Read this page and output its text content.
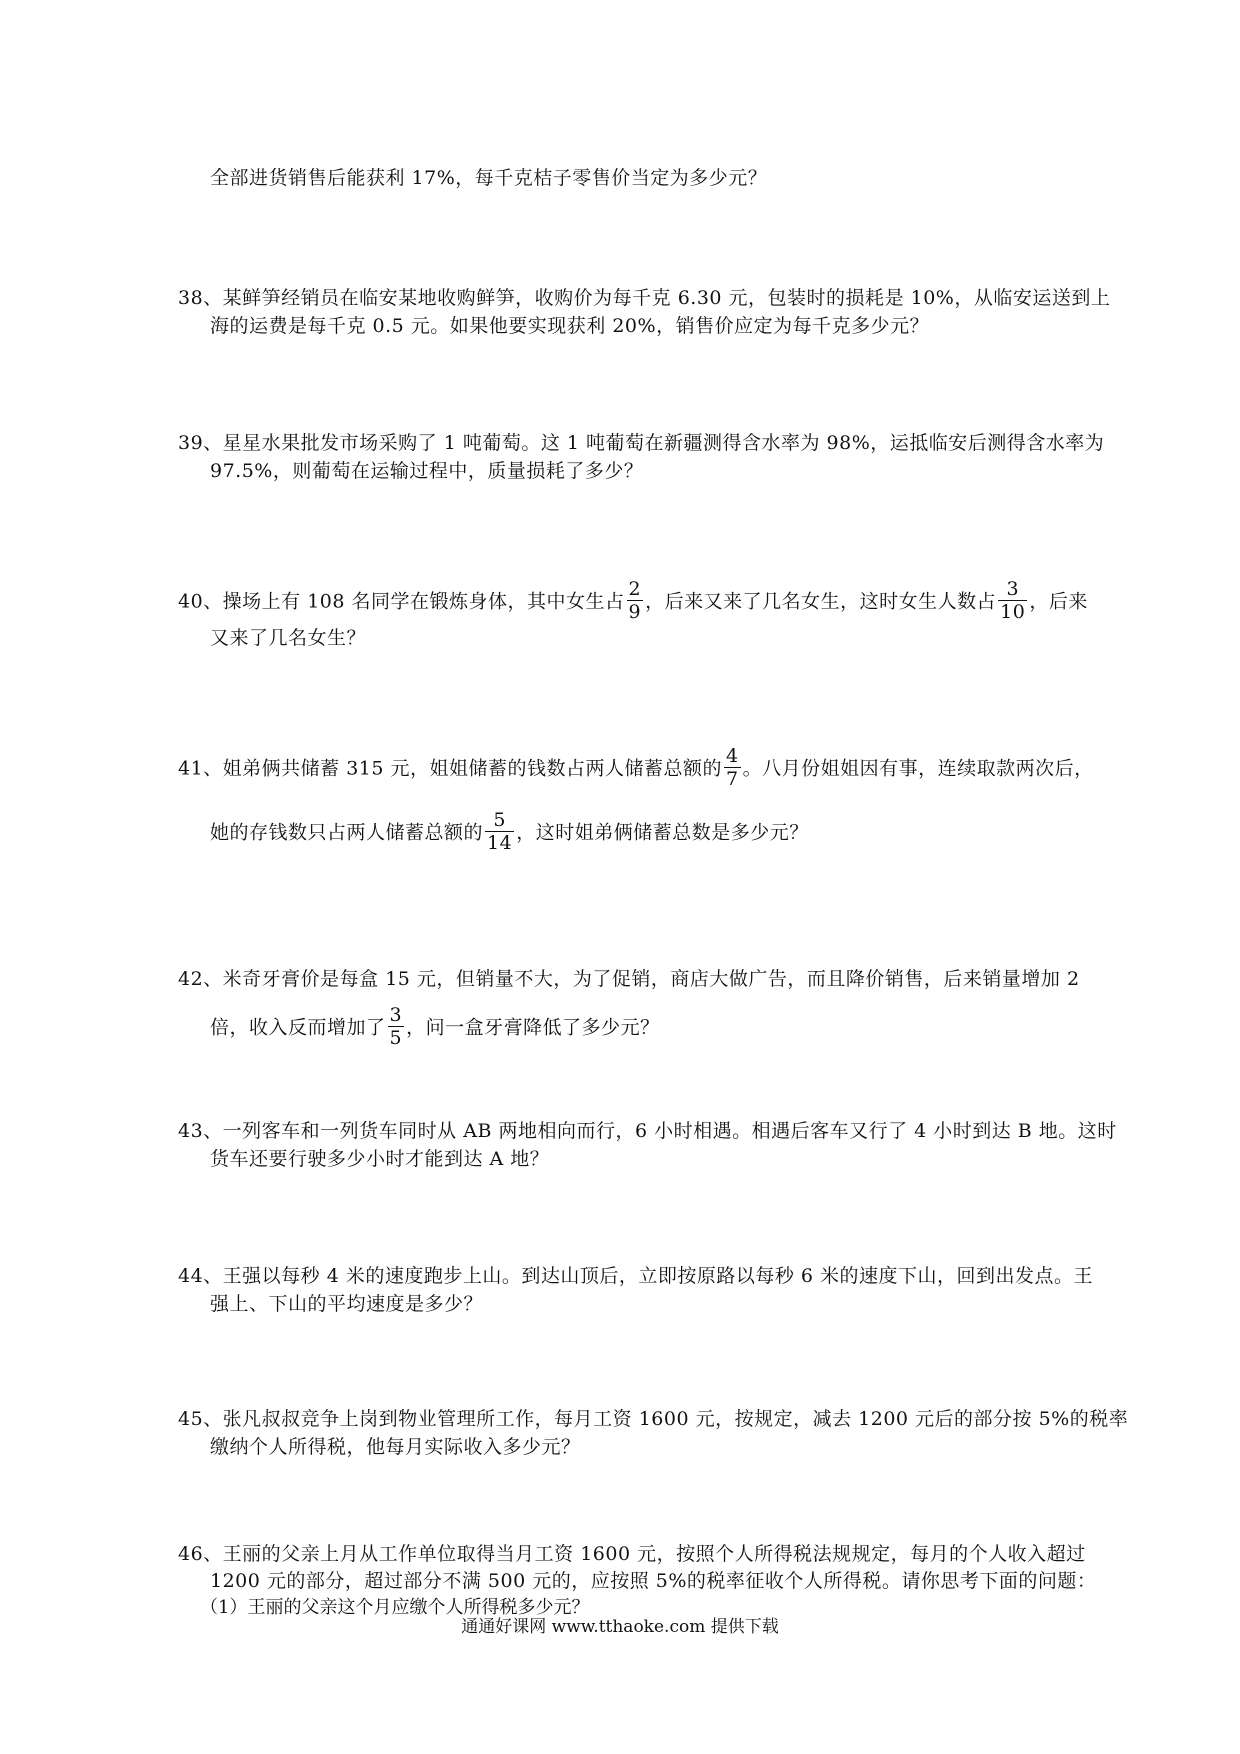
全部进货销售后能获利 17%，每千克桔子零售价当定为多少元？
38、某鲜笋经销员在临安某地收购鲜笋，收购价为每千克 6.30 元，包装时的损耗是 10%，从临安运送到上
海的运费是每千克 0.5 元。如果他要实现获利 20%，销售价应定为每千克多少元？
39、星星水果批发市场采购了 1 吨葡萄。这 1 吨葡萄在新疆测得含水率为 98%，运抵临安后测得含水率为
97.5%，则葡萄在运输过程中，质量损耗了多少？
40、操场上有 108 名同学在锻炼身体，其中女生占 $\frac{2}{9}$ ，后来又来了几名女生，这时女生人数占 $\frac{3}{10}$ ，后来
又来了几名女生？
41、姐弟俩共储蓄 315 元，姐姐储蓄的钱数占两人储蓄总额的 $\frac{4}{7}$ 。八月份姐姐因有事，连续取款两次后，
她的存钱数只占两人储蓄总额的 $\frac{5}{14}$ ，这时姐弟俩储蓄总数是多少元？
42、米奇牙膏价是每盒 15 元，但销量不大，为了促销，商店大做广告，而且降价销售，后来销量增加 2
倍，收入反而增加了 $\frac{3}{5}$ ，问一盒牙膏降低了多少元？
43、一列客车和一列货车同时从 AB 两地相向而行，6 小时相遇。相遇后客车又行了 4 小时到达 B 地。这时
货车还要行驶多少小时才能到达 A 地？
44、王强以每秒 4 米的速度跑步上山。到达山顶后，立即按原路以每秒 6 米的速度下山，回到出发点。王
强上、下山的平均速度是多少？
45、张凡叔叔竞争上岗到物业管理所工作，每月工资 1600 元，按规定，减去 1200 元后的部分按 5%的税率
缴纳个人所得税，他每月实际收入多少元？
46、王丽的父亲上月从工作单位取得当月工资 1600 元，按照个人所得税法规规定，每月的个人收入超过
1200 元的部分，超过部分不满 500 元的，应按照 5%的税率征收个人所得税。请你思考下面的问题：
（1）王丽的父亲这个月应缴个人所得税多少元？
通通好课网 www.tthaoke.com 提供下载
